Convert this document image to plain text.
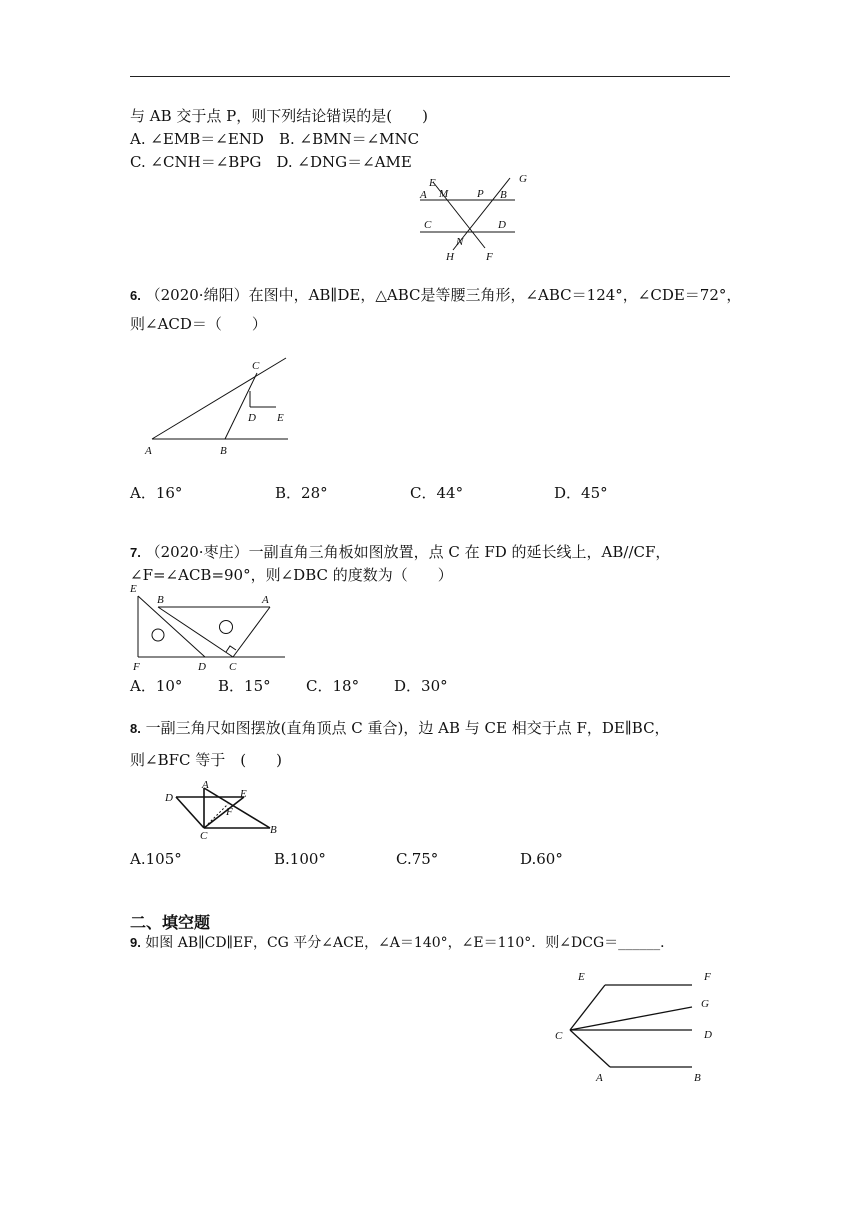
与 AB 交于点 P，则下列结论错误的是(　　)
A. ∠EMB＝∠END　B. ∠BMN＝∠MNC
C. ∠CNH＝∠BPG　D. ∠DNG＝∠AME
E	G
A M	P B
C	D
N
H	F
6. （2020·绵阳）在图中，AB∥DE，△ABC是等腰三角形，∠ABC＝124°，∠CDE＝72°，
则∠ACD＝（　　）
A	B
C
D E
A．16°	B．28°	C．44°	D．45°
7. （2020·枣庄）一副直角三角板如图放置，点 C 在 FD 的延长线上，AB//CF，
∠F=∠ACB=90°，则∠DBC 的度数为（　　）
E
B	A
F	D C
A．10° B．15° C．18° D．30°
8. 一副三角尺如图摆放(直角顶点 C 重合)，边 AB 与 CE 相交于点 F，DE∥BC，
则∠BFC 等于　(　　)
A
D	E
F
C	B
A.105°	B.100°	C.75°	D.60°
二、填空题
9. 如图 AB∥CD∥EF，CG 平分∠ACE，∠A＝140°，∠E＝110°．则∠DCG＝______．
E	F
G
C	D
A	B
